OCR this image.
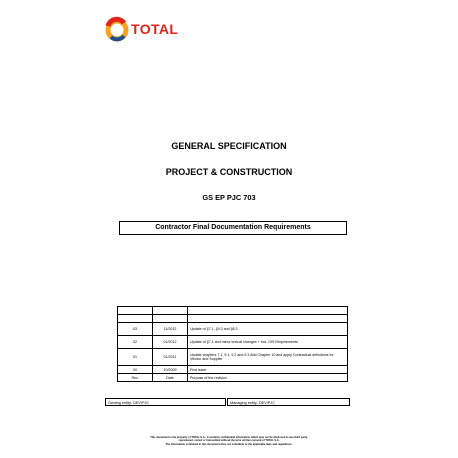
TOTAL
GENERAL SPECIFICATION
PROJECT & CONSTRUCTION
GS EP PJC 703
Contractor Final Documentation Requirements

03	11/2012	Update of §7.1, §9.2 and §8.3
02	01/2012	Update of §7.1 and minor textual changes + incl. GIS Requirements
01	01/2011	Update chapters 7.1, 9.1, 9.2 and 9.3 Add Chapter 10 and apply Contractual definitions for Vendor and Supplier
00	10/2009	First issue
Rev.	Date	Purpose of the revision
Owning entity: DEV/PJC	Managing entity: DEV/PJC
This document is the property of TOTAL S.A., it contains confidential information which may not be disclosed to any third party,
reproduced, stored or transmitted without the prior written consent of TOTAL S.A.
The information contained in this document does not substitute to the applicable laws and regulations.
